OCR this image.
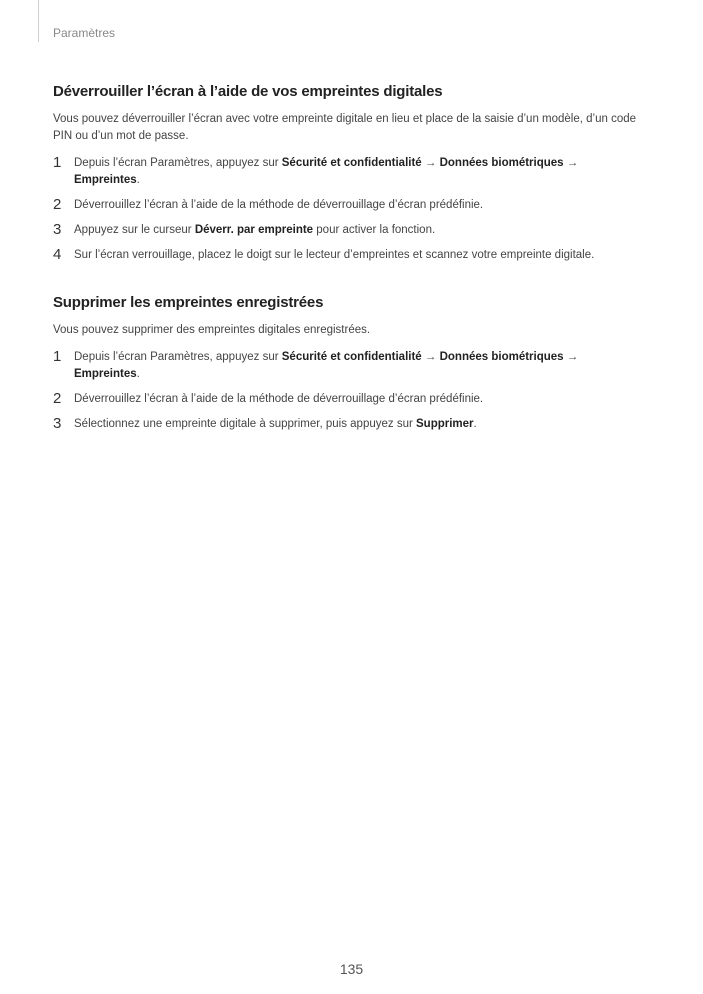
Paramètres
Déverrouiller l’écran à l’aide de vos empreintes digitales

Vous pouvez déverrouiller l’écran avec votre empreinte digitale en lieu et place de la saisie d’un modèle, d’un code PIN ou d’un mot de passe.

1 Depuis l’écran Paramètres, appuyez sur Sécurité et confidentialité → Données biométriques →
Empreintes.
2 Déverrouillez l’écran à l’aide de la méthode de déverrouillage d’écran prédéfinie.
3 Appuyez sur le curseur Déverr. par empreinte pour activer la fonction.
4 Sur l’écran verrouillage, placez le doigt sur le lecteur d’empreintes et scannez votre empreinte digitale.
Supprimer les empreintes enregistrées

Vous pouvez supprimer des empreintes digitales enregistrées.

1 Depuis l’écran Paramètres, appuyez sur Sécurité et confidentialité → Données biométriques →
Empreintes.
2 Déverrouillez l’écran à l’aide de la méthode de déverrouillage d’écran prédéfinie.
3 Sélectionnez une empreinte digitale à supprimer, puis appuyez sur Supprimer.
135
